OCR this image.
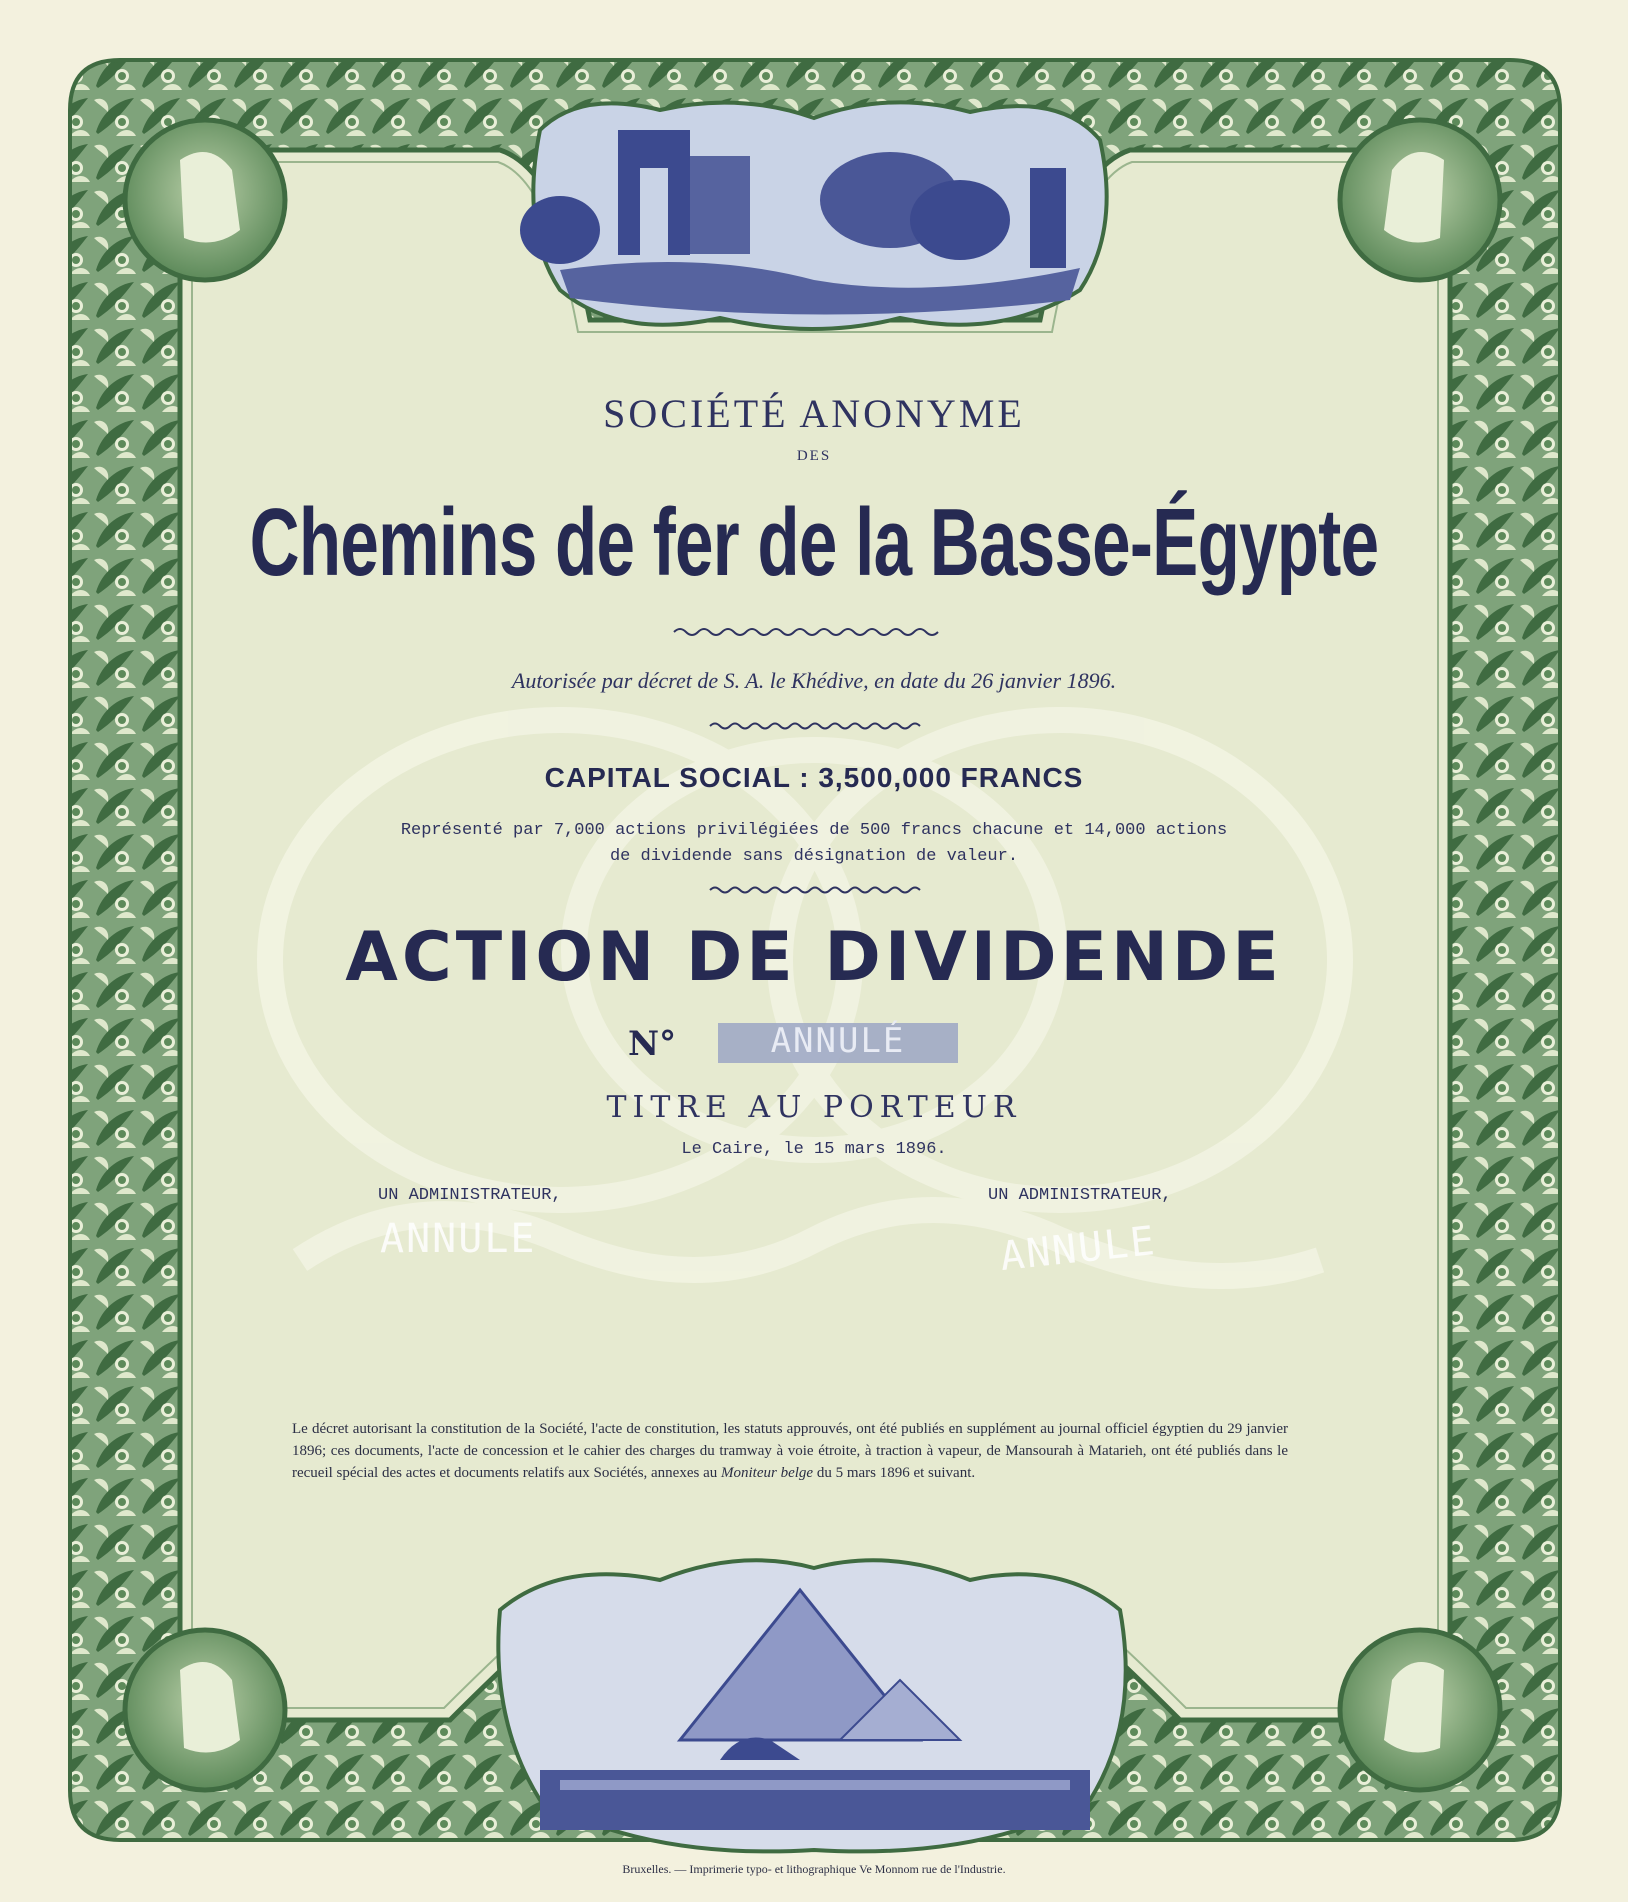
SOCIÉTÉ ANONYME
DES
Chemins de fer de la Basse-Égypte
Autorisée par décret de S. A. le Khédive, en date du 26 janvier 1896.
CAPITAL SOCIAL : 3,500,000 FRANCS
Représenté par 7,000 actions privilégiées de 500 francs chacune et 14,000 actions
de dividende sans désignation de valeur.
ACTION DE DIVIDENDE
N°	ANNULÉ
TITRE AU PORTEUR
Le Caire, le 15 mars 1896.
UN ADMINISTRATEUR,	UN ADMINISTRATEUR,
ANNULE	ANNULE
Le décret autorisant la constitution de la Société, l'acte de constitution, les statuts approuvés, ont été publiés en supplément au journal officiel égyptien du 29 janvier 1896; ces documents, l'acte de concession et le cahier des charges du tramway à voie étroite, à traction à vapeur, de Mansourah à Matarieh, ont été publiés dans le recueil spécial des actes et documents relatifs aux Sociétés, annexes au Moniteur belge du 5 mars 1896 et suivant.
Bruxelles. — Imprimerie typo- et lithographique Ve Monnom rue de l'Industrie.
